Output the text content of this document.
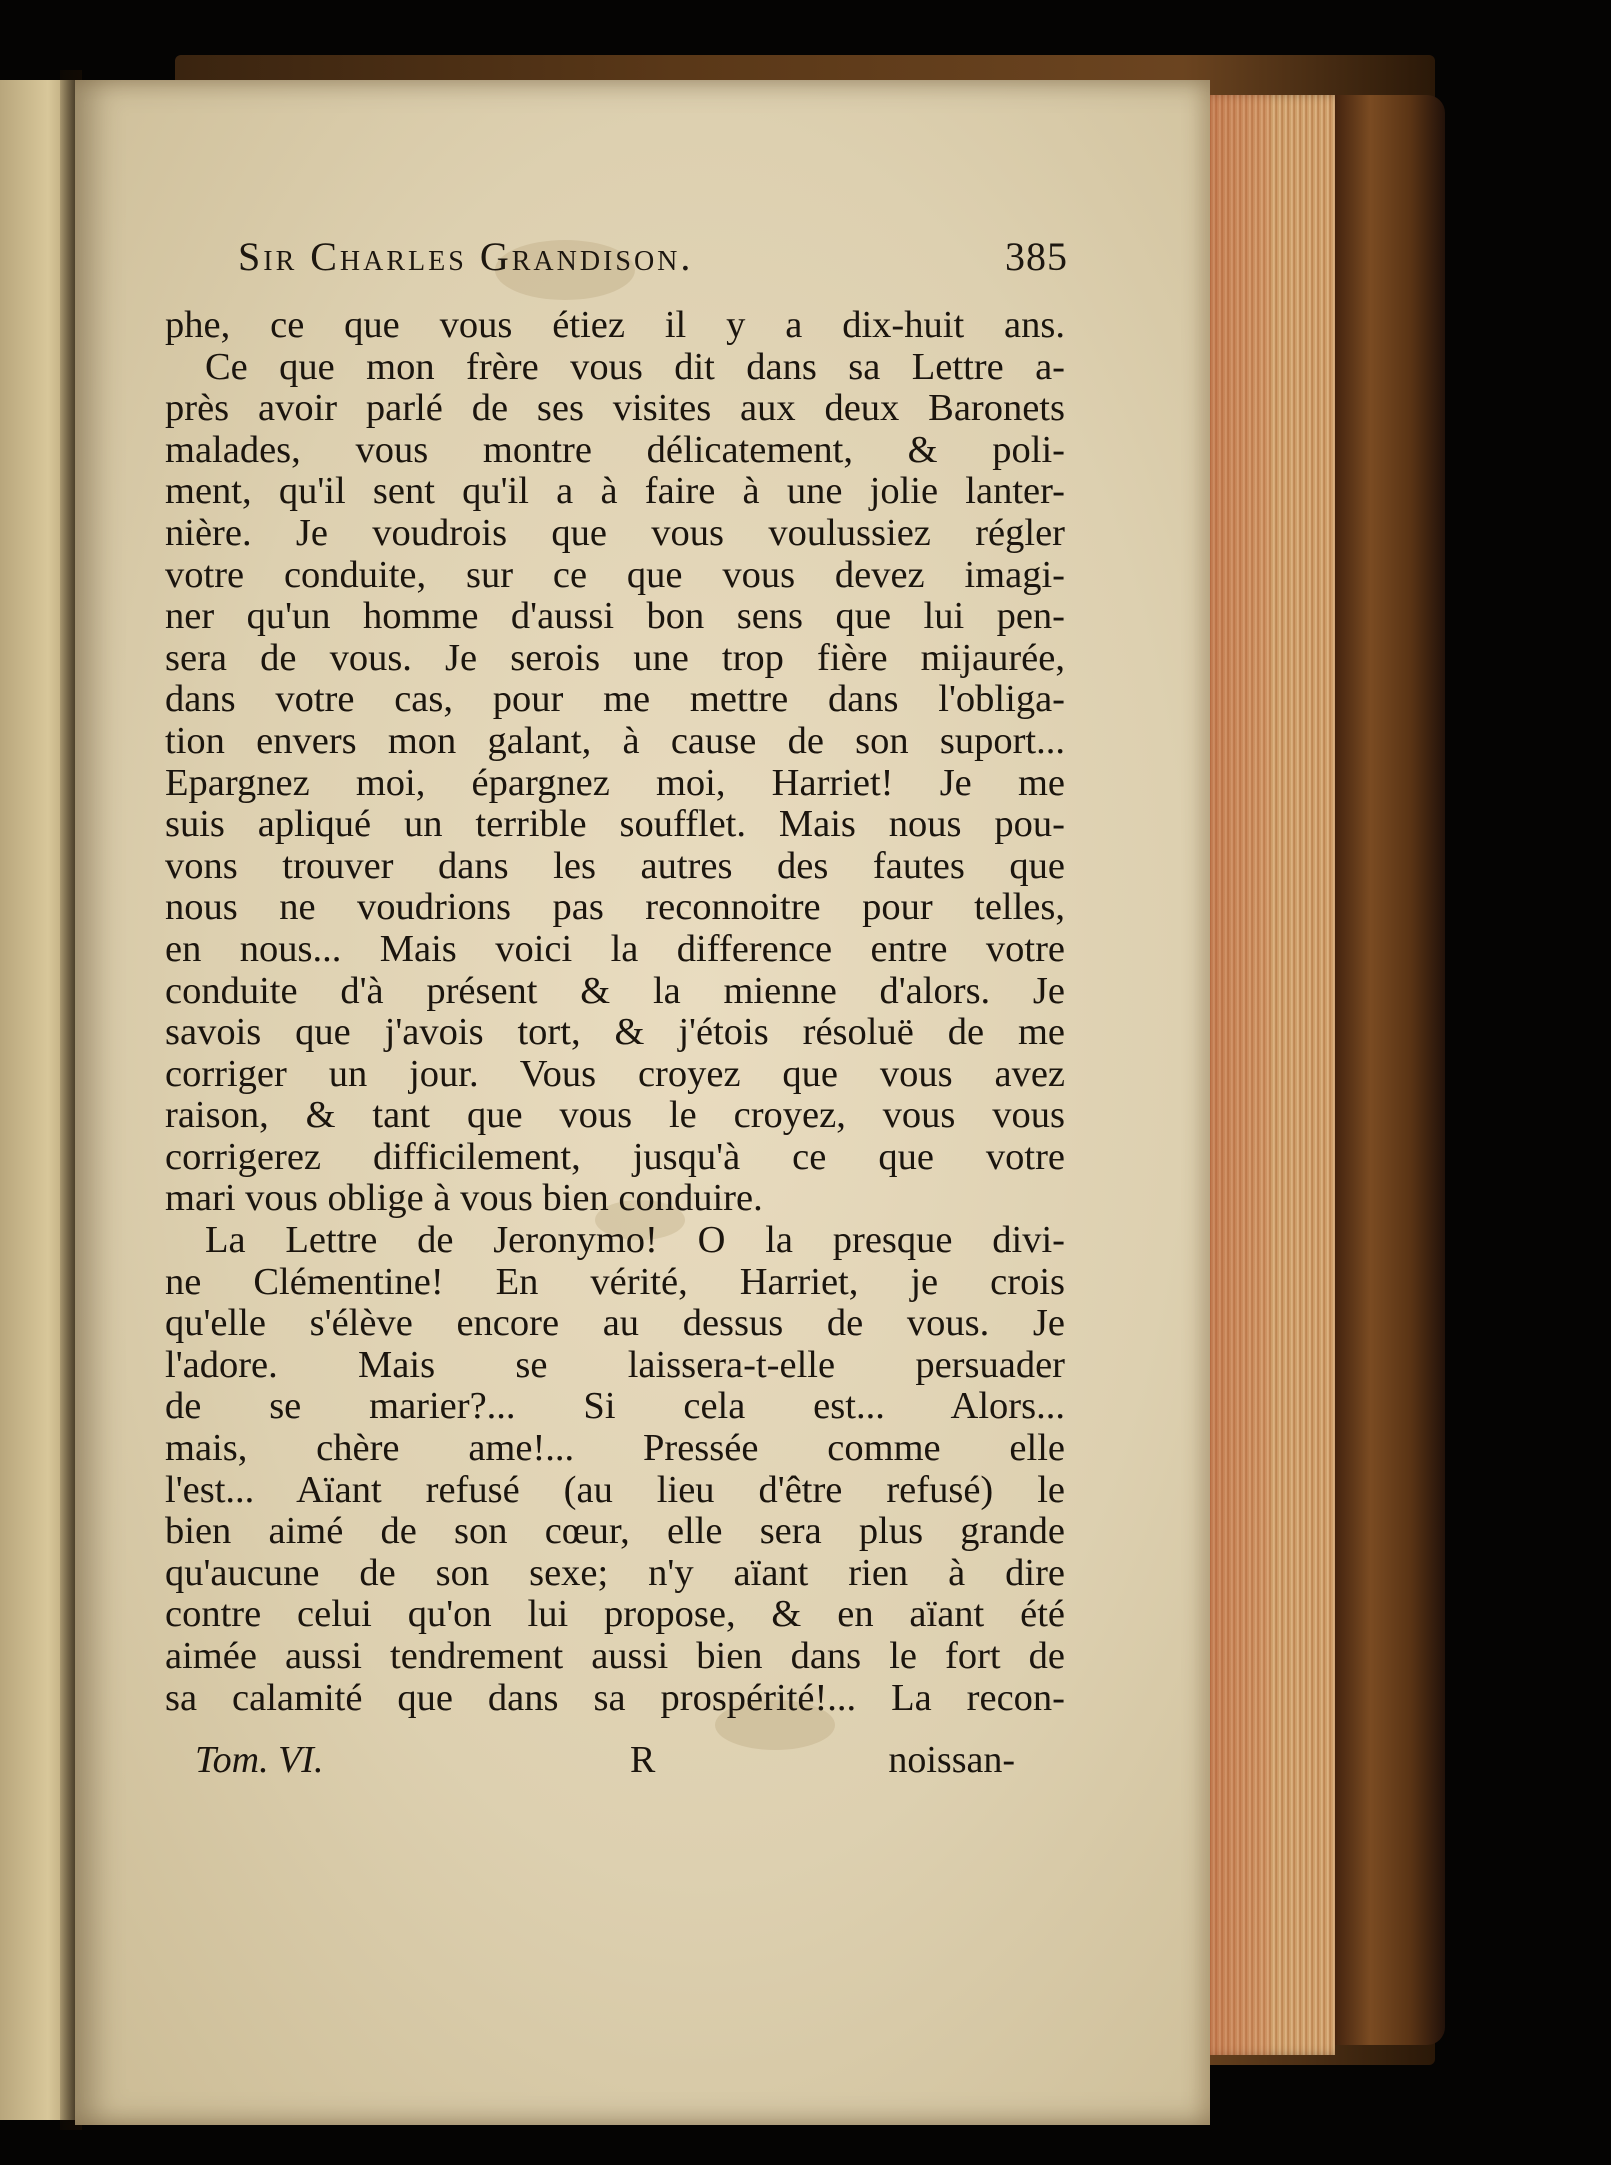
Sir Charles Grandison.	385
phe, ce que vous étiez il y a dix-huit ans.
Ce que mon frère vous dit dans sa Lettre a-
près avoir parlé de ses visites aux deux Baronets
malades, vous montre délicatement, & poli-
ment, qu'il sent qu'il a à faire à une jolie lanter-
nière. Je voudrois que vous voulussiez régler
votre conduite, sur ce que vous devez imagi-
ner qu'un homme d'aussi bon sens que lui pen-
sera de vous. Je serois une trop fière mijaurée,
dans votre cas, pour me mettre dans l'obliga-
tion envers mon galant, à cause de son suport...
Epargnez moi, épargnez moi, Harriet! Je me
suis apliqué un terrible soufflet. Mais nous pou-
vons trouver dans les autres des fautes que
nous ne voudrions pas reconnoitre pour telles,
en nous... Mais voici la difference entre votre
conduite d'à présent & la mienne d'alors. Je
savois que j'avois tort, & j'étois résoluë de me
corriger un jour. Vous croyez que vous avez
raison, & tant que vous le croyez, vous vous
corrigerez difficilement, jusqu'à ce que votre
mari vous oblige à vous bien conduire.
La Lettre de Jeronymo! O la presque divi-
ne Clémentine! En vérité, Harriet, je crois
qu'elle s'élève encore au dessus de vous. Je
l'adore. Mais se laissera-t-elle persuader
de se marier?... Si cela est... Alors...
mais, chère ame!... Pressée comme elle
l'est... Aïant refusé (au lieu d'être refusé) le
bien aimé de son cœur, elle sera plus grande
qu'aucune de son sexe; n'y aïant rien à dire
contre celui qu'on lui propose, & en aïant été
aimée aussi tendrement aussi bien dans le fort de
sa calamité que dans sa prospérité!... La recon-
Tom. VI.	R	noissan-
